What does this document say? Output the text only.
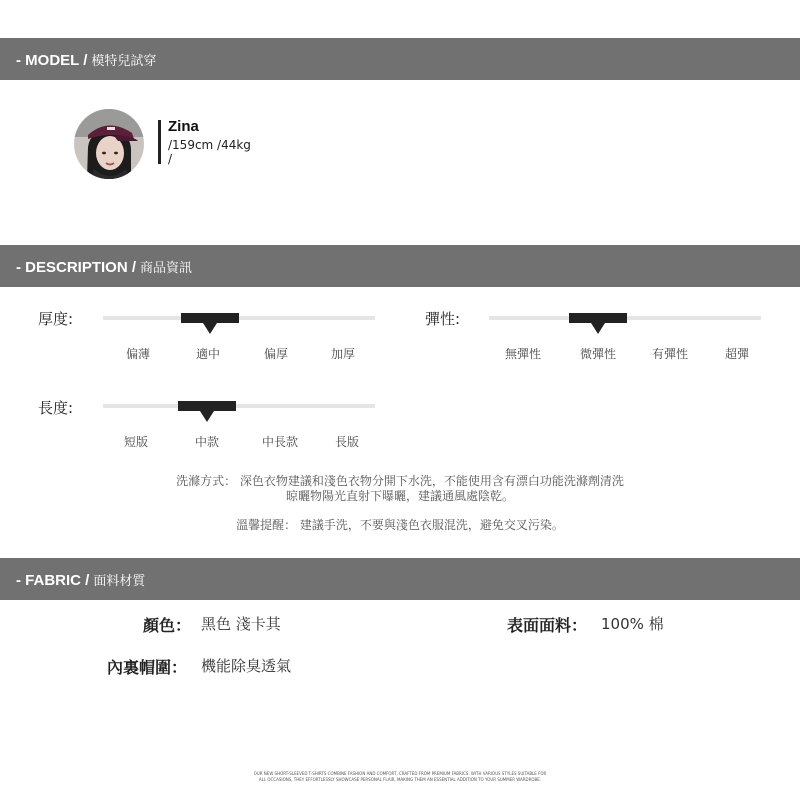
- MODEL / 模特兒試穿
Zina
/159cm /44kg
/
- DESCRIPTION / 商品資訊
厚度:
偏薄	適中	偏厚	加厚
彈性:
無彈性	微彈性	有彈性	超彈
長度:
短版	中款	中長款	長版
洗滌方式： 深色衣物建議和淺色衣物分開下水洗，不能使用含有漂白功能洗滌劑清洗
晾曬物陽光直射下曝曬，建議通風處陰乾。
溫馨提醒： 建議手洗，不要與淺色衣服混洗，避免交叉污染。
- FABRIC / 面料材質
顏色： 黑色 淺卡其	表面面料： 100% 棉
內裏帽圍： 機能除臭透氣
OUR NEW SHORT-SLEEVED T-SHIRTS COMBINE FASHION AND COMFORT, CRAFTED FROM PREMIUM FABRICS. WITH VARIOUS STYLES SUITABLE FOR
ALL OCCASIONS, THEY EFFORTLESSLY SHOWCASE PERSONAL FLAIR, MAKING THEM AN ESSENTIAL ADDITION TO YOUR SUMMER WARDROBE.
